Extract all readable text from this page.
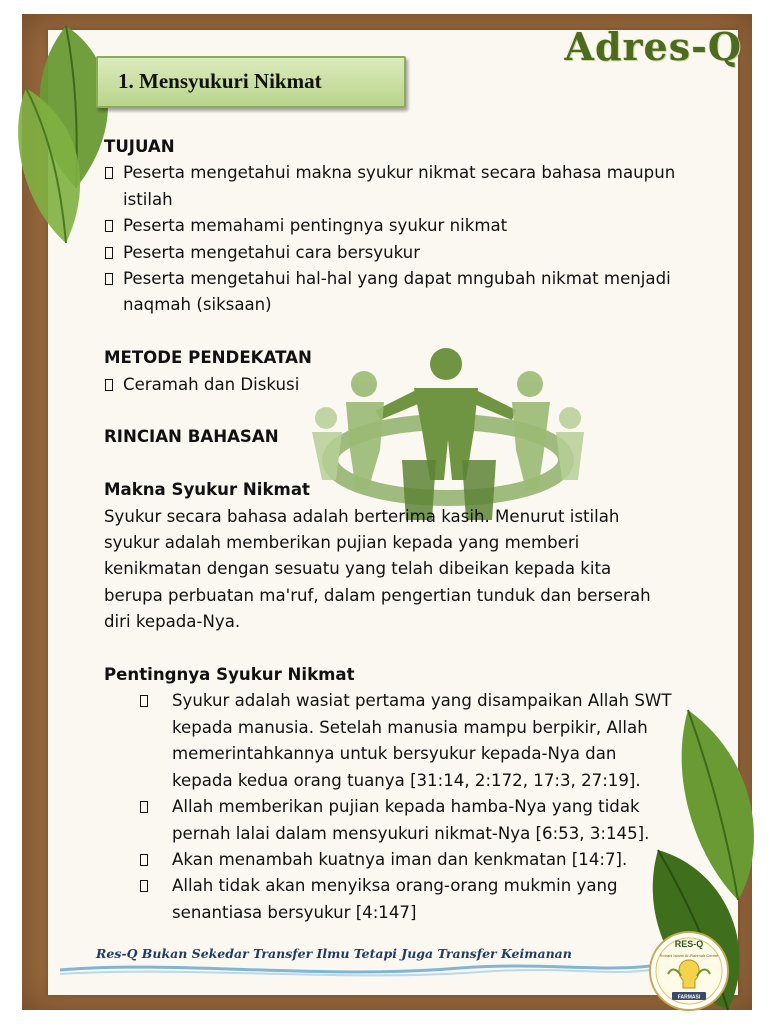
Adres-Q
1. Mensyukuri Nikmat
TUJUAN
Peserta mengetahui makna syukur nikmat secara bahasa maupun
istilah
Peserta memahami pentingnya syukur nikmat
Peserta mengetahui cara bersyukur
Peserta mengetahui hal-hal yang dapat mngubah nikmat menjadi
naqmah (siksaan)
METODE PENDEKATAN
Ceramah dan Diskusi
RINCIAN BAHASAN
Makna Syukur Nikmat
Syukur secara bahasa adalah berterima kasih. Menurut istilah
syukur adalah memberikan pujian kepada yang memberi
kenikmatan dengan sesuatu yang telah dibeikan kepada kita
berupa perbuatan ma'ruf, dalam pengertian tunduk dan berserah
diri kepada-Nya.
Pentingnya Syukur Nikmat
Syukur adalah wasiat pertama yang disampaikan Allah SWT
kepada manusia. Setelah manusia mampu berpikir, Allah
memerintahkannya untuk bersyukur kepada-Nya dan
kepada kedua orang tuanya [31:14, 2:172, 17:3, 27:19].
Allah memberikan pujian kepada hamba-Nya yang tidak
pernah lalai dalam mensyukuri nikmat-Nya [6:53, 3:145].
Akan menambah kuatnya iman dan kenkmatan [14:7].
Allah tidak akan menyiksa orang-orang mukmin yang
senantiasa bersyukur [4:147]
Res-Q Bukan Sekedar Transfer Ilmu Tetapi Juga Transfer Keimanan
RES-Q
Rohani Islami Ar-Rahmah Centre
FARMASI
